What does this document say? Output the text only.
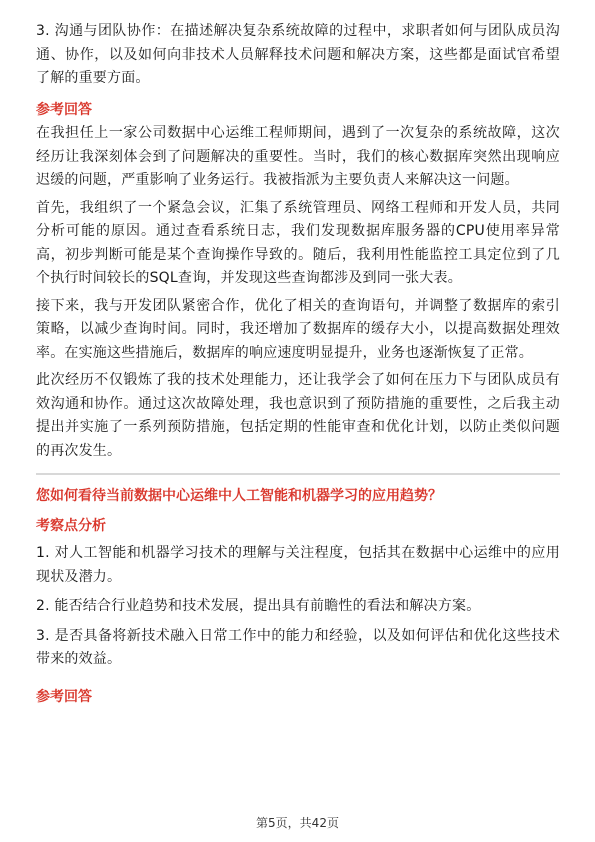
3. 沟通与团队协作：在描述解决复杂系统故障的过程中，求职者如何与团队成员沟通、协作，以及如何向非技术人员解释技术问题和解决方案，这些都是面试官希望了解的重要方面。

参考回答

在我担任上一家公司数据中心运维工程师期间，遇到了一次复杂的系统故障，这次经历让我深刻体会到了问题解决的重要性。当时，我们的核心数据库突然出现响应迟缓的问题，严重影响了业务运行。我被指派为主要负责人来解决这一问题。

首先，我组织了一个紧急会议，汇集了系统管理员、网络工程师和开发人员，共同分析可能的原因。通过查看系统日志，我们发现数据库服务器的CPU使用率异常高，初步判断可能是某个查询操作导致的。随后，我利用性能监控工具定位到了几个执行时间较长的SQL查询，并发现这些查询都涉及到同一张大表。

接下来，我与开发团队紧密合作，优化了相关的查询语句，并调整了数据库的索引策略，以减少查询时间。同时，我还增加了数据库的缓存大小，以提高数据处理效率。在实施这些措施后，数据库的响应速度明显提升，业务也逐渐恢复了正常。

此次经历不仅锻炼了我的技术处理能力，还让我学会了如何在压力下与团队成员有效沟通和协作。通过这次故障处理，我也意识到了预防措施的重要性，之后我主动提出并实施了一系列预防措施，包括定期的性能审查和优化计划，以防止类似问题的再次发生。

您如何看待当前数据中心运维中人工智能和机器学习的应用趋势？

考察点分析

1. 对人工智能和机器学习技术的理解与关注程度，包括其在数据中心运维中的应用现状及潜力。

2. 能否结合行业趋势和技术发展，提出具有前瞻性的看法和解决方案。

3. 是否具备将新技术融入日常工作中的能力和经验，以及如何评估和优化这些技术带来的效益。

参考回答

第5页，共42页
